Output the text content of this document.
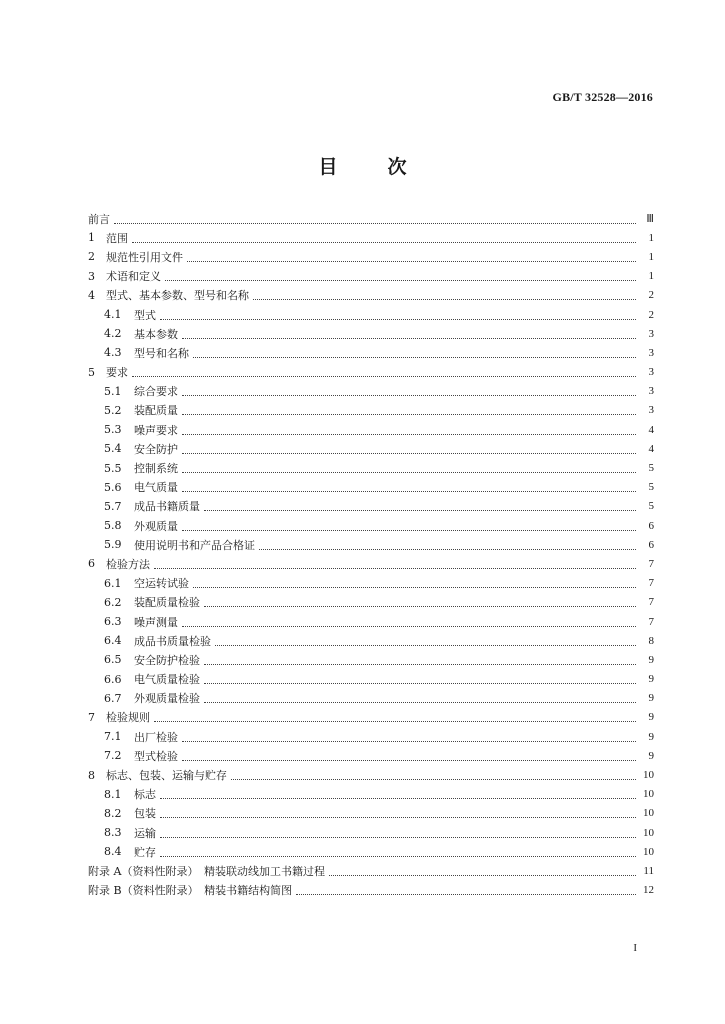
GB/T 32528—2016
目	次
前言	Ⅲ
1	范围	1
2	规范性引用文件	1
3	术语和定义	1
4	型式、基本参数、型号和名称	2
4.1	型式	2
4.2	基本参数	3
4.3	型号和名称	3
5	要求	3
5.1	综合要求	3
5.2	装配质量	3
5.3	噪声要求	4
5.4	安全防护	4
5.5	控制系统	5
5.6	电气质量	5
5.7	成品书籍质量	5
5.8	外观质量	6
5.9	使用说明书和产品合格证	6
6	检验方法	7
6.1	空运转试验	7
6.2	装配质量检验	7
6.3	噪声测量	7
6.4	成品书质量检验	8
6.5	安全防护检验	9
6.6	电气质量检验	9
6.7	外观质量检验	9
7	检验规则	9
7.1	出厂检验	9
7.2	型式检验	9
8	标志、包装、运输与贮存	10
8.1	标志	10
8.2	包装	10
8.3	运输	10
8.4	贮存	10
附录 A（资料性附录）　精装联动线加工书籍过程	11
附录 B（资料性附录）　精装书籍结构简图	12
I
